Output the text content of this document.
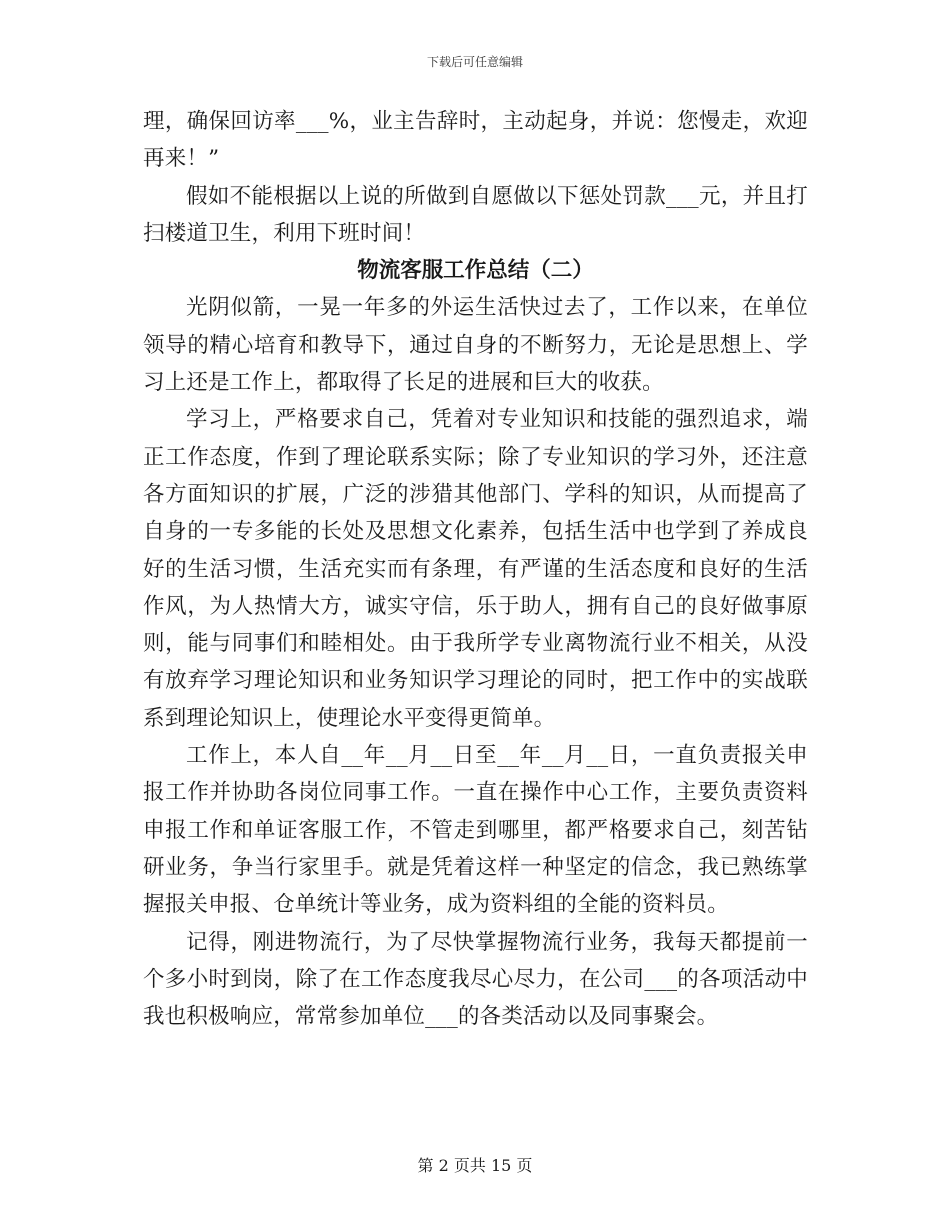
下载后可任意编辑

理，确保回访率___%，业主告辞时，主动起身，并说：您慢走，欢迎再来！”

假如不能根据以上说的所做到自愿做以下惩处罚款___元，并且打扫楼道卫生，利用下班时间！

物流客服工作总结（二）

光阴似箭，一晃一年多的外运生活快过去了，工作以来，在单位领导的精心培育和教导下，通过自身的不断努力，无论是思想上、学习上还是工作上，都取得了长足的进展和巨大的收获。

学习上，严格要求自己，凭着对专业知识和技能的强烈追求，端正工作态度，作到了理论联系实际；除了专业知识的学习外，还注意各方面知识的扩展，广泛的涉猎其他部门、学科的知识，从而提高了自身的一专多能的长处及思想文化素养，包括生活中也学到了养成良好的生活习惯，生活充实而有条理，有严谨的生活态度和良好的生活作风，为人热情大方，诚实守信，乐于助人，拥有自己的良好做事原则，能与同事们和睦相处。由于我所学专业离物流行业不相关，从没有放弃学习理论知识和业务知识学习理论的同时，把工作中的实战联系到理论知识上，使理论水平变得更简单。

工作上，本人自__年__月__日至__年__月__日，一直负责报关申报工作并协助各岗位同事工作。一直在操作中心工作，主要负责资料申报工作和单证客服工作，不管走到哪里，都严格要求自己，刻苦钻研业务，争当行家里手。就是凭着这样一种坚定的信念，我已熟练掌握报关申报、仓单统计等业务，成为资料组的全能的资料员。

记得，刚进物流行，为了尽快掌握物流行业务，我每天都提前一个多小时到岗，除了在工作态度我尽心尽力，在公司___的各项活动中我也积极响应，常常参加单位___的各类活动以及同事聚会。

第 2 页共 15 页
